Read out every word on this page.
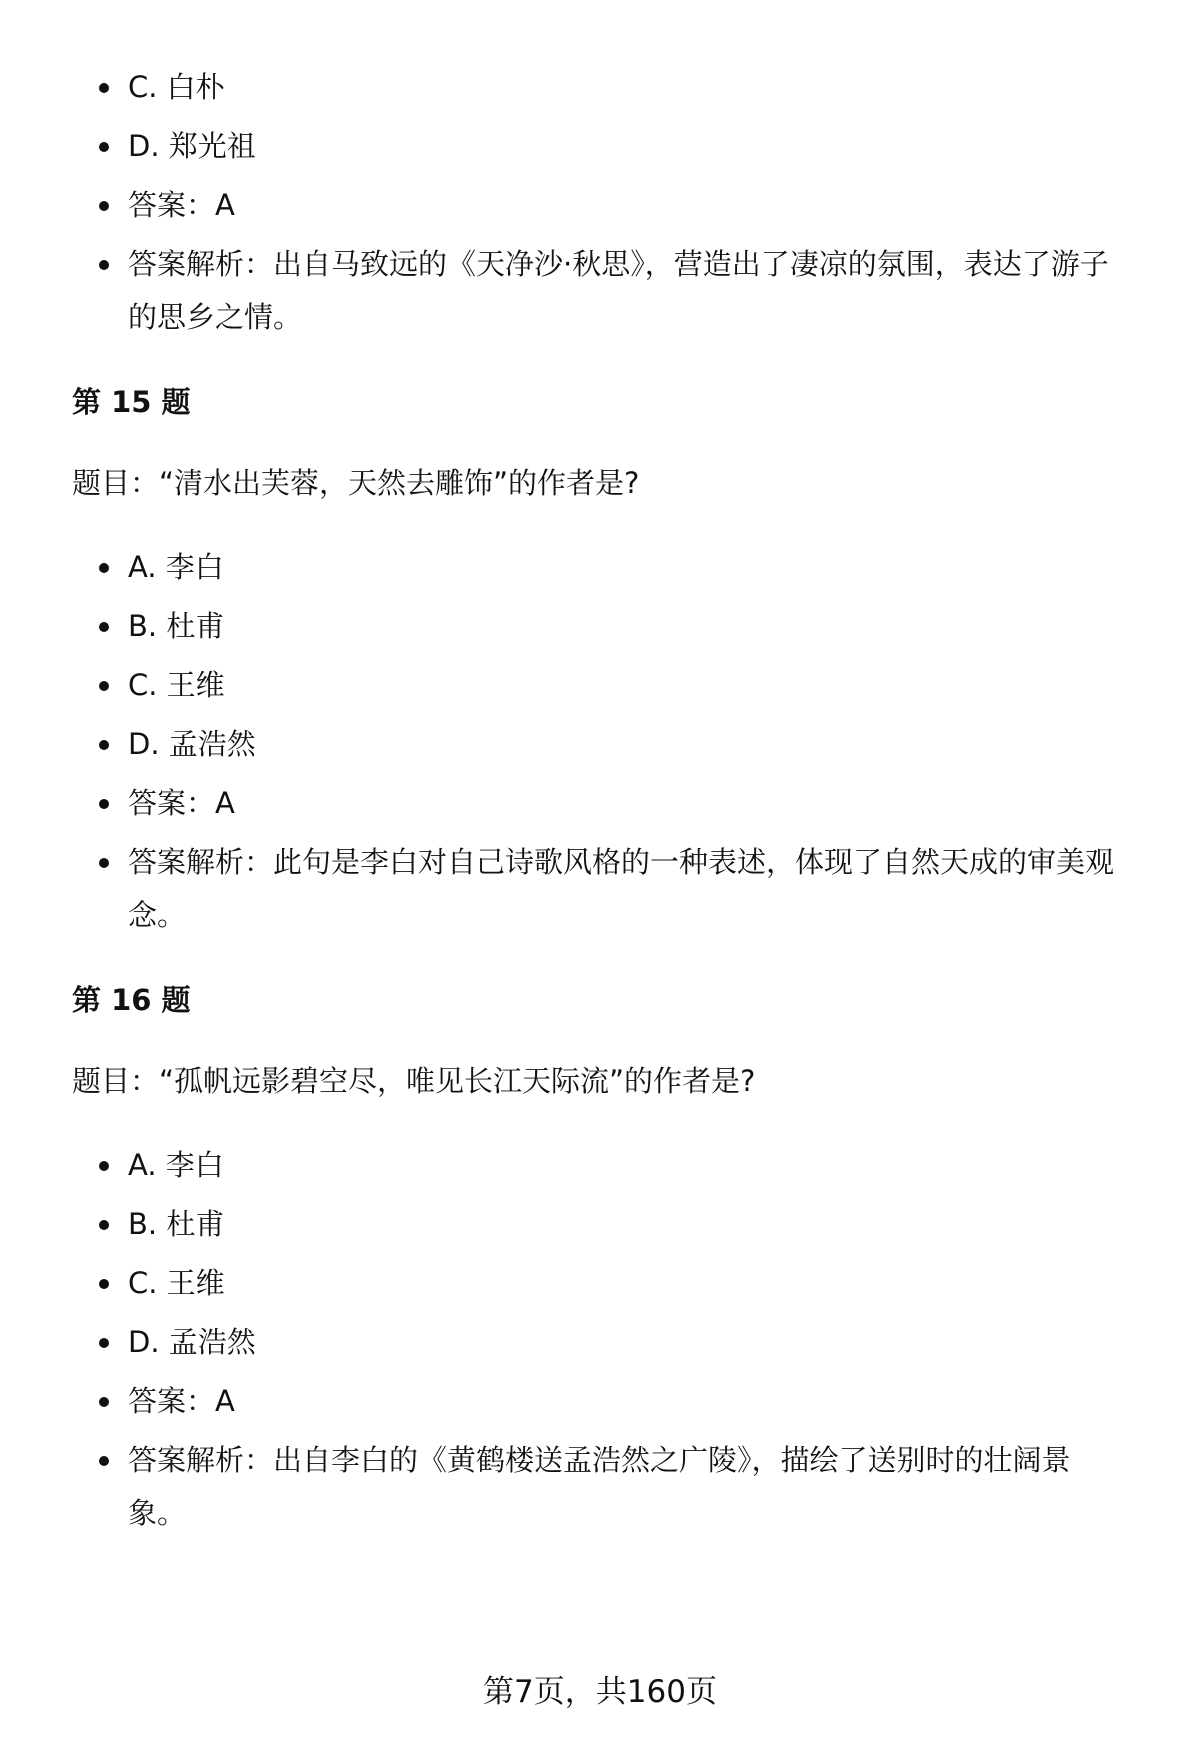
C. 白朴
D. 郑光祖
答案：A
答案解析：出自马致远的《天净沙·秋思》，营造出了凄凉的氛围，表达了游子的思乡之情。
第 15 题

题目：“清水出芙蓉，天然去雕饰”的作者是?

A. 李白
B. 杜甫
C. 王维
D. 孟浩然
答案：A
答案解析：此句是李白对自己诗歌风格的一种表述，体现了自然天成的审美观念。
第 16 题

题目：“孤帆远影碧空尽，唯见长江天际流”的作者是?

A. 李白
B. 杜甫
C. 王维
D. 孟浩然
答案：A
答案解析：出自李白的《黄鹤楼送孟浩然之广陵》，描绘了送别时的壮阔景象。
第7页，共160页
